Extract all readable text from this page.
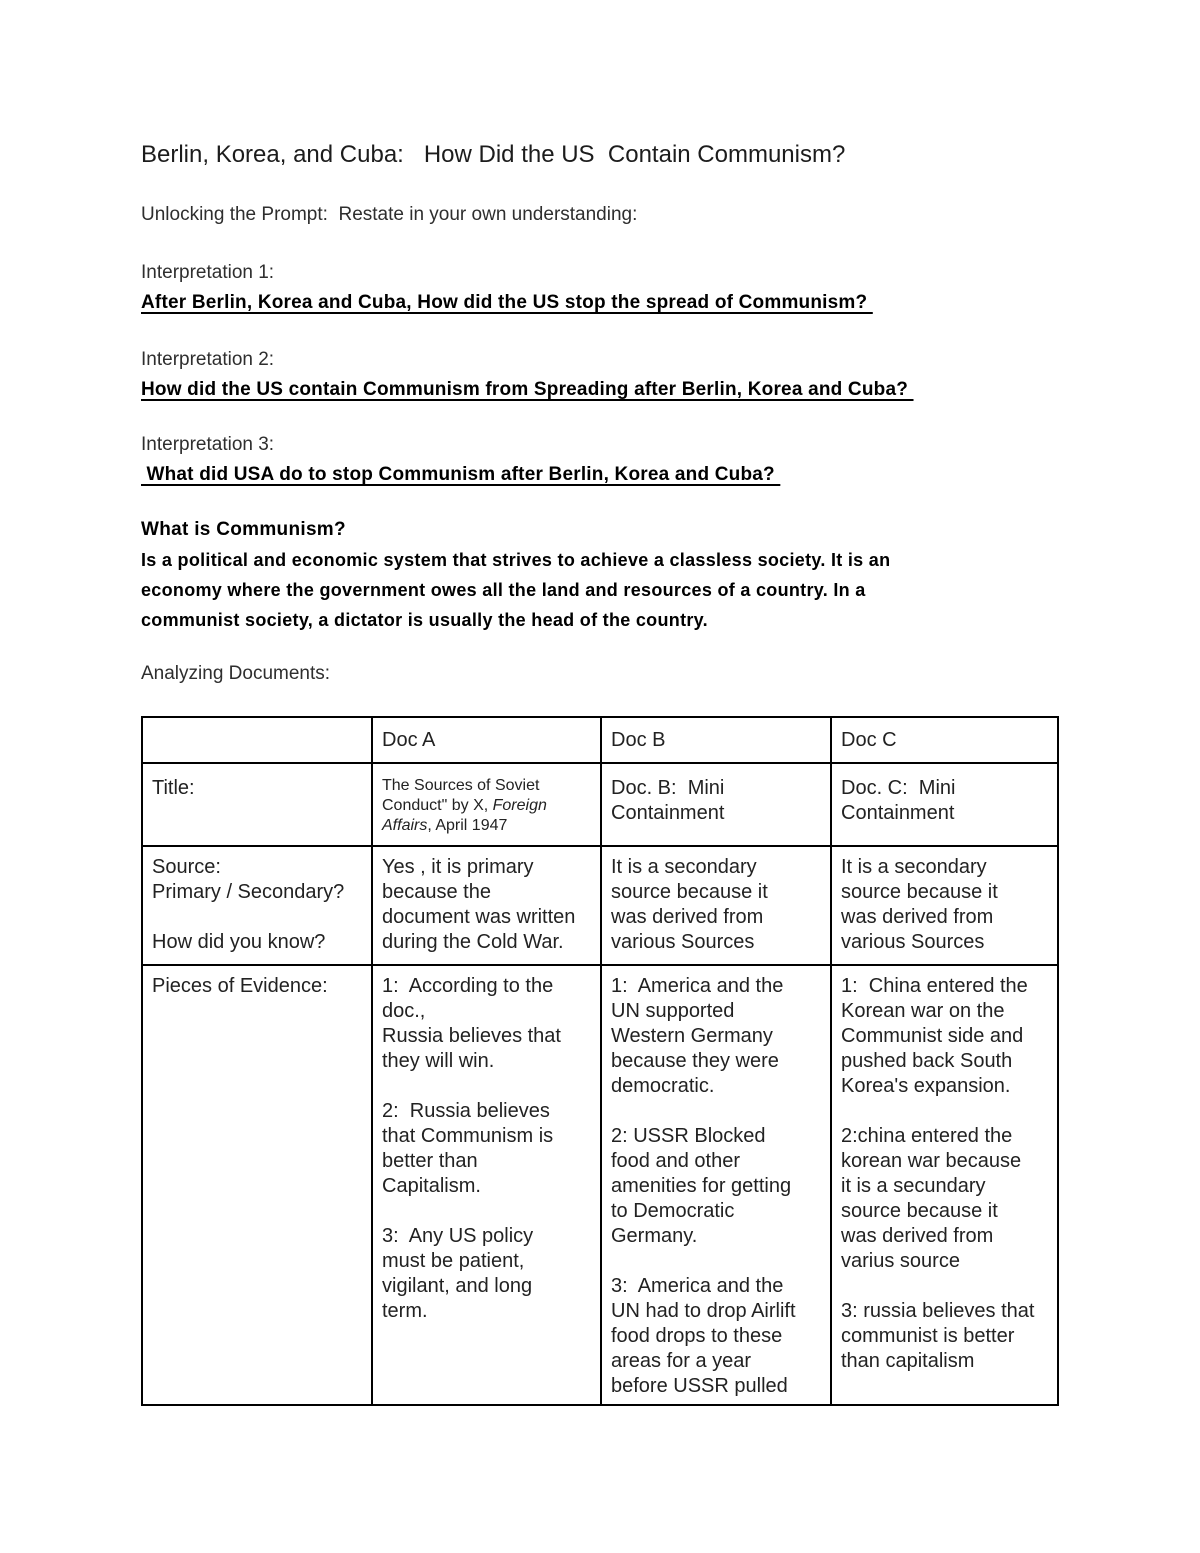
Berlin, Korea, and Cuba:   How Did the US  Contain Communism?
Unlocking the Prompt:  Restate in your own understanding:
Interpretation 1:
After Berlin, Korea and Cuba, How did the US stop the spread of Communism?
Interpretation 2:
How did the US contain Communism from Spreading after Berlin, Korea and Cuba?
Interpretation 3:
What did USA do to stop Communism after Berlin, Korea and Cuba?
What is Communism?
Is a political and economic system that strives to achieve a classless society. It is an
economy where the government owes all the land and resources of a country. In a
communist society, a dictator is usually the head of the country.
Analyzing Documents:
	Doc A	Doc B	Doc C
Title:	The Sources of Soviet Conduct" by X, Foreign Affairs, April 1947	Doc. B:  Mini
Containment	Doc. C:  Mini
Containment
Source:
Primary / Secondary?

How did you know?	Yes , it is primary
because the
document was written
during the Cold War.	It is a secondary
source because it
was derived from
various Sources	It is a secondary
source because it
was derived from
various Sources
Pieces of Evidence:	1:  According to the
doc.,
Russia believes that
they will win.

2:  Russia believes
that Communism is
better than
Capitalism.

3:  Any US policy
must be patient,
vigilant, and long
term.	1:  America and the
UN supported
Western Germany
because they were
democratic.

2: USSR Blocked
food and other
amenities for getting
to Democratic
Germany.

3:  America and the
UN had to drop Airlift
food drops to these
areas for a year
before USSR pulled	1:  China entered the
Korean war on the
Communist side and
pushed back South
Korea's expansion.

2:china entered the
korean war because
it is a secundary
source because it
was derived from
varius source

3: russia believes that
communist is better
than capitalism
